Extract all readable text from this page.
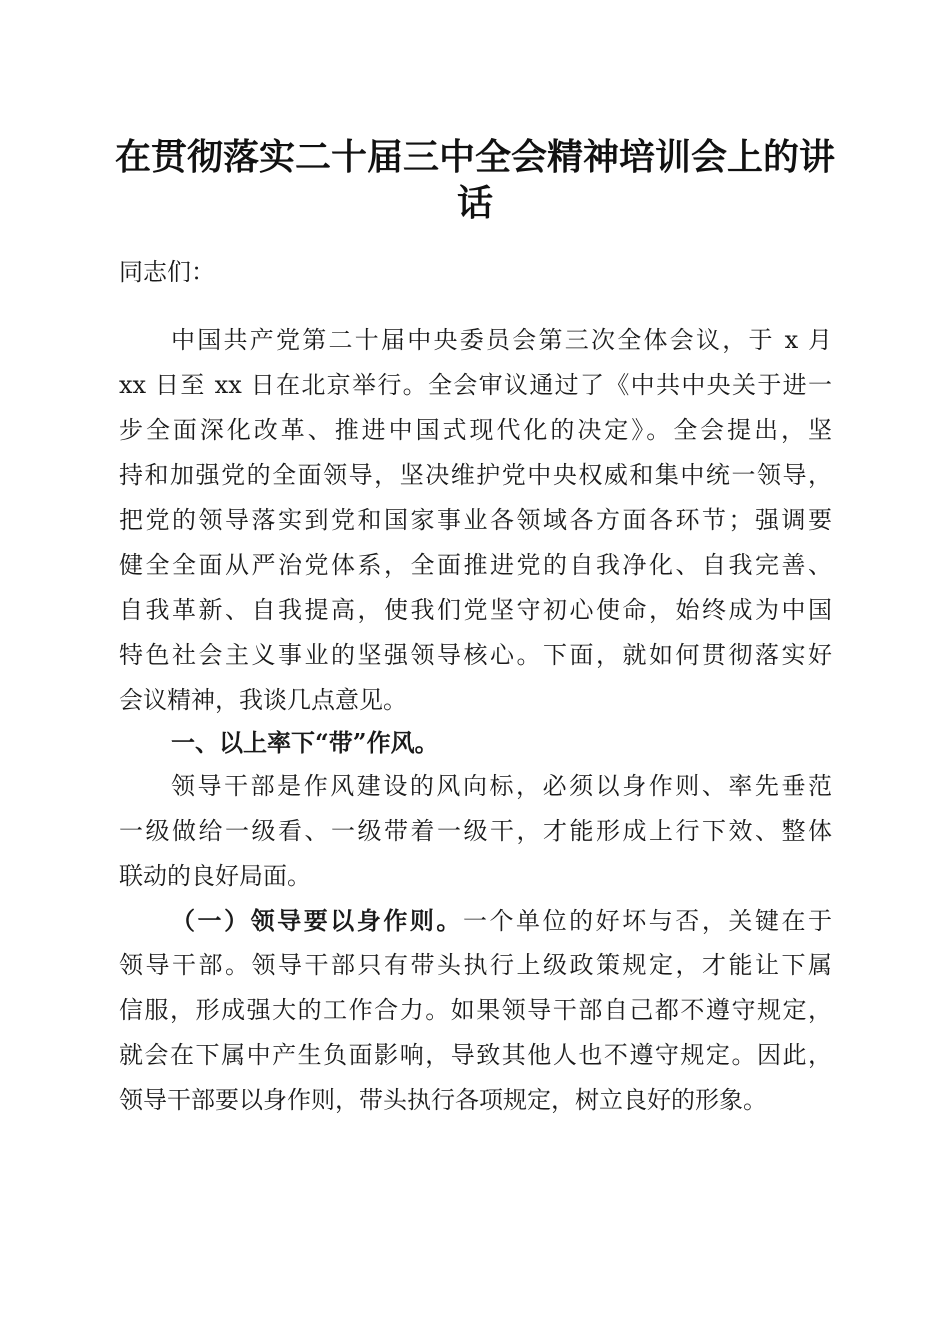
在贯彻落实二十届三中全会精神培训会上的讲
话
同志们：
中国共产党第二十届中央委员会第三次全体会议，于 x 月
xx 日至 xx 日在北京举行。全会审议通过了《中共中央关于进一
步全面深化改革、推进中国式现代化的决定》。全会提出，坚
持和加强党的全面领导，坚决维护党中央权威和集中统一领导，
把党的领导落实到党和国家事业各领域各方面各环节；强调要
健全全面从严治党体系，全面推进党的自我净化、自我完善、
自我革新、自我提高，使我们党坚守初心使命，始终成为中国
特色社会主义事业的坚强领导核心。下面，就如何贯彻落实好
会议精神，我谈几点意见。
一、以上率下“带”作风。
领导干部是作风建设的风向标，必须以身作则、率先垂范
一级做给一级看、一级带着一级干，才能形成上行下效、整体
联动的良好局面。
（一）领导要以身作则。一个单位的好坏与否，关键在于
领导干部。领导干部只有带头执行上级政策规定，才能让下属
信服，形成强大的工作合力。如果领导干部自己都不遵守规定，
就会在下属中产生负面影响，导致其他人也不遵守规定。因此，
领导干部要以身作则，带头执行各项规定，树立良好的形象。
